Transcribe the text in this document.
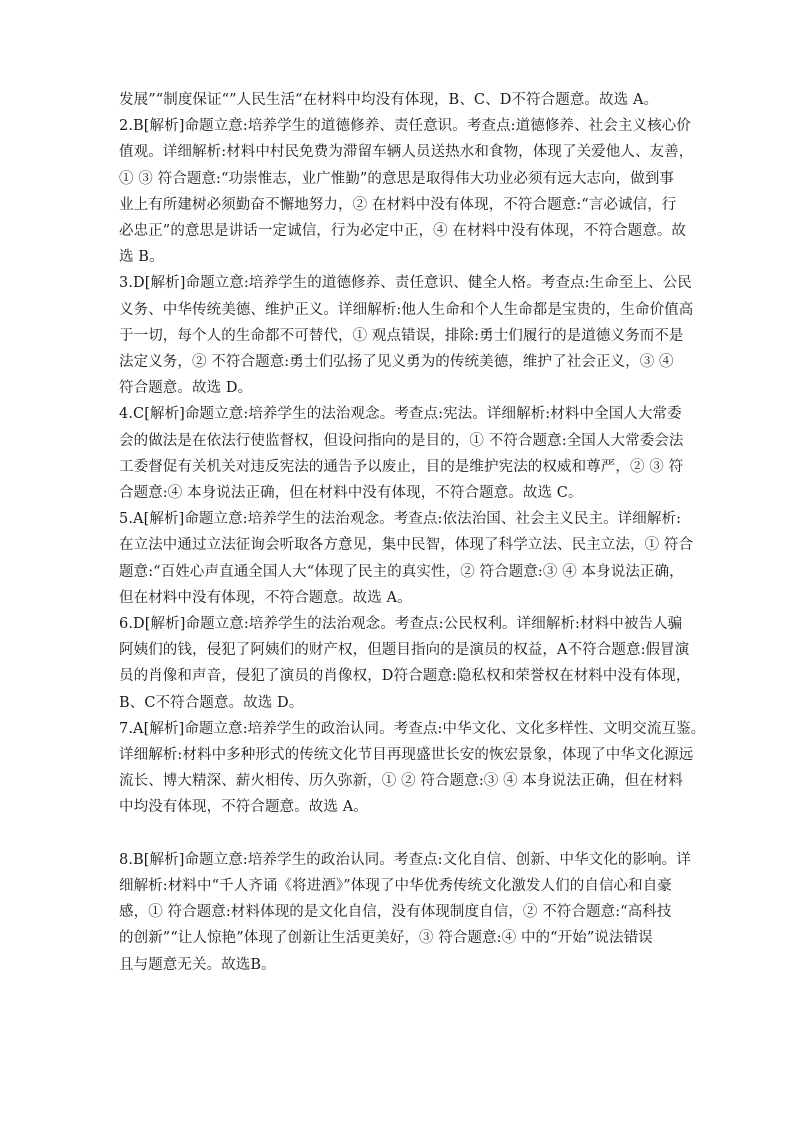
发展”“制度保证“”人民生活“在材料中均没有体现，B、C、D不符合题意。故选 A。
2.B[解析]命题立意:培养学生的道德修养、责任意识。考查点:道德修养、社会主义核心价
值观。详细解析:材料中村民免费为滞留车辆人员送热水和食物，体现了关爱他人、友善，
① ③ 符合题意:“功崇惟志，业广惟勤”的意思是取得伟大功业必须有远大志向，做到事
业上有所建树必须勤奋不懈地努力，② 在材料中没有体现，不符合题意:“言必诚信，行
必忠正”的意思是讲话一定诚信，行为必定中正，④ 在材料中没有体现，不符合题意。故
选 B。
3.D[解析]命题立意:培养学生的道德修养、责任意识、健全人格。考查点:生命至上、公民
义务、中华传统美德、维护正义。详细解析:他人生命和个人生命都是宝贵的，生命价值高
于一切，每个人的生命都不可替代，① 观点错误，排除:勇士们履行的是道德义务而不是
法定义务，② 不符合题意:勇士们弘扬了见义勇为的传统美德，维护了社会正义，③ ④
符合题意。故选 D。
4.C[解析]命题立意:培养学生的法治观念。考查点:宪法。详细解析:材料中全国人大常委
会的做法是在依法行使监督权，但设问指向的是目的，① 不符合题意:全国人大常委会法
工委督促有关机关对违反宪法的通告予以废止，目的是维护宪法的权威和尊严，② ③ 符
合题意:④ 本身说法正确，但在材料中没有体现，不符合题意。故选 C。
5.A[解析]命题立意:培养学生的法治观念。考查点:依法治国、社会主义民主。详细解析:
在立法中通过立法征询会听取各方意见，集中民智，体现了科学立法、民主立法，① 符合
题意:“百姓心声直通全国人大“体现了民主的真实性，② 符合题意:③ ④ 本身说法正确，
但在材料中没有体现，不符合题意。故选 A。
6.D[解析]命题立意:培养学生的法治观念。考查点:公民权利。详细解析:材料中被告人骗
阿姨们的钱，侵犯了阿姨们的财产权，但题目指向的是演员的权益，A不符合题意:假冒演
员的肖像和声音，侵犯了演员的肖像权，D符合题意:隐私权和荣誉权在材料中没有体现，
B、C不符合题意。故选 D。
7.A[解析]命题立意:培养学生的政治认同。考查点:中华文化、文化多样性、文明交流互鉴。
详细解析:材料中多种形式的传统文化节目再现盛世长安的恢宏景象，体现了中华文化源远
流长、博大精深、薪火相传、历久弥新，① ② 符合题意:③ ④ 本身说法正确，但在材料
中均没有体现，不符合题意。故选 A。
8.B[解析]命题立意:培养学生的政治认同。考查点:文化自信、创新、中华文化的影响。详
细解析:材料中“千人齐诵《将进酒》”体现了中华优秀传统文化激发人们的自信心和自豪
感，① 符合题意:材料体现的是文化自信，没有体现制度自信，② 不符合题意:“高科技
的创新”“让人惊艳”体现了创新让生活更美好，③ 符合题意:④ 中的“开始”说法错误
且与题意无关。故选B。
